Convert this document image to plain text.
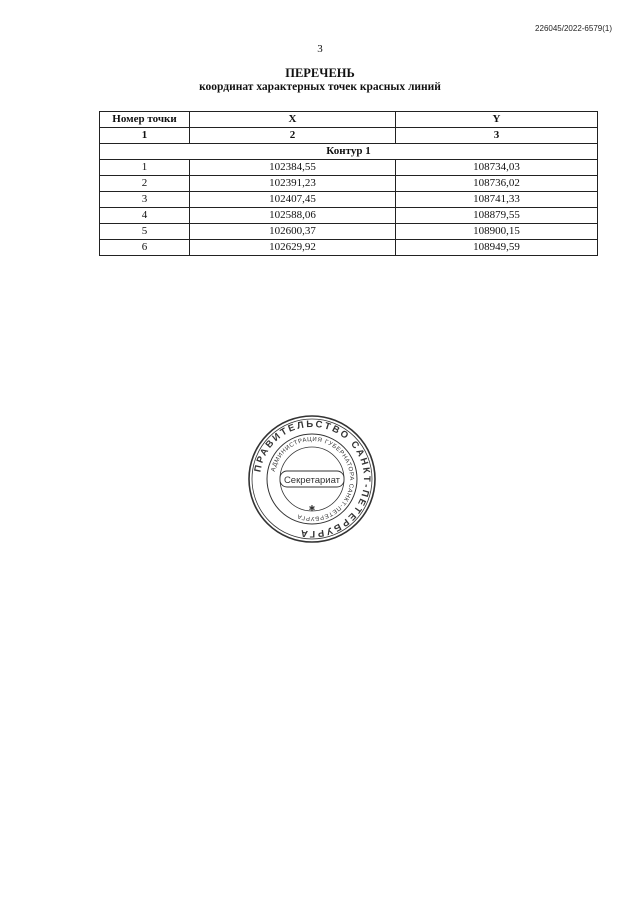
226045/2022-6579(1)
3
ПЕРЕЧЕНЬ
координат характерных точек красных линий
Номер точки	X	Y
1	2	3
Контур 1		
1	102384,55	108734,03
2	102391,23	108736,02
3	102407,45	108741,33
4	102588,06	108879,55
5	102600,37	108900,15
6	102629,92	108949,59
ПРАВИТЕЛЬСТВО САНКТ-ПЕТЕРБУРГА
АДМИНИСТРАЦИЯ ГУБЕРНАТОРА САНКТ-ПЕТЕРБУРГА
Секретариат
✱
